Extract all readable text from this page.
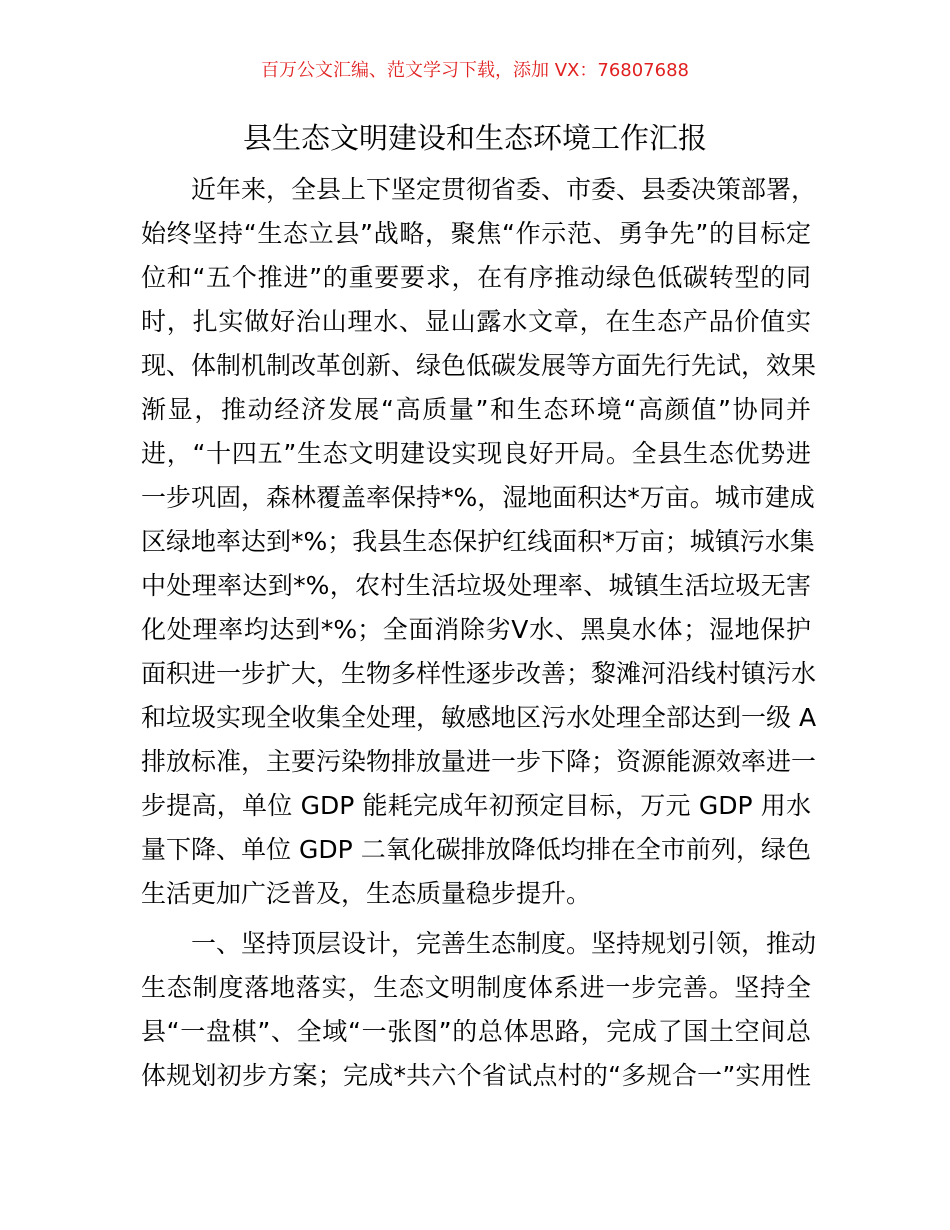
百万公文汇编、范文学习下载，添加 VX：76807688
县生态文明建设和生态环境工作汇报
近年来，全县上下坚定贯彻省委、市委、县委决策部署，
始终坚持“生态立县”战略，聚焦“作示范、勇争先”的目标定
位和“五个推进”的重要要求，在有序推动绿色低碳转型的同
时，扎实做好治山理水、显山露水文章，在生态产品价值实
现、体制机制改革创新、绿色低碳发展等方面先行先试，效果
渐显，推动经济发展“高质量”和生态环境“高颜值”协同并
进，“十四五”生态文明建设实现良好开局。全县生态优势进
一步巩固，森林覆盖率保持*%，湿地面积达*万亩。城市建成
区绿地率达到*%；我县生态保护红线面积*万亩；城镇污水集
中处理率达到*%，农村生活垃圾处理率、城镇生活垃圾无害
化处理率均达到*%；全面消除劣V水、黑臭水体；湿地保护
面积进一步扩大，生物多样性逐步改善；黎滩河沿线村镇污水
和垃圾实现全收集全处理，敏感地区污水处理全部达到一级 A
排放标准，主要污染物排放量进一步下降；资源能源效率进一
步提高，单位 GDP 能耗完成年初预定目标，万元 GDP 用水
量下降、单位 GDP 二氧化碳排放降低均排在全市前列，绿色
生活更加广泛普及，生态质量稳步提升。
一、坚持顶层设计，完善生态制度。坚持规划引领，推动
生态制度落地落实，生态文明制度体系进一步完善。坚持全
县“一盘棋”、全域“一张图”的总体思路，完成了国土空间总
体规划初步方案；完成*共六个省试点村的“多规合一”实用性
